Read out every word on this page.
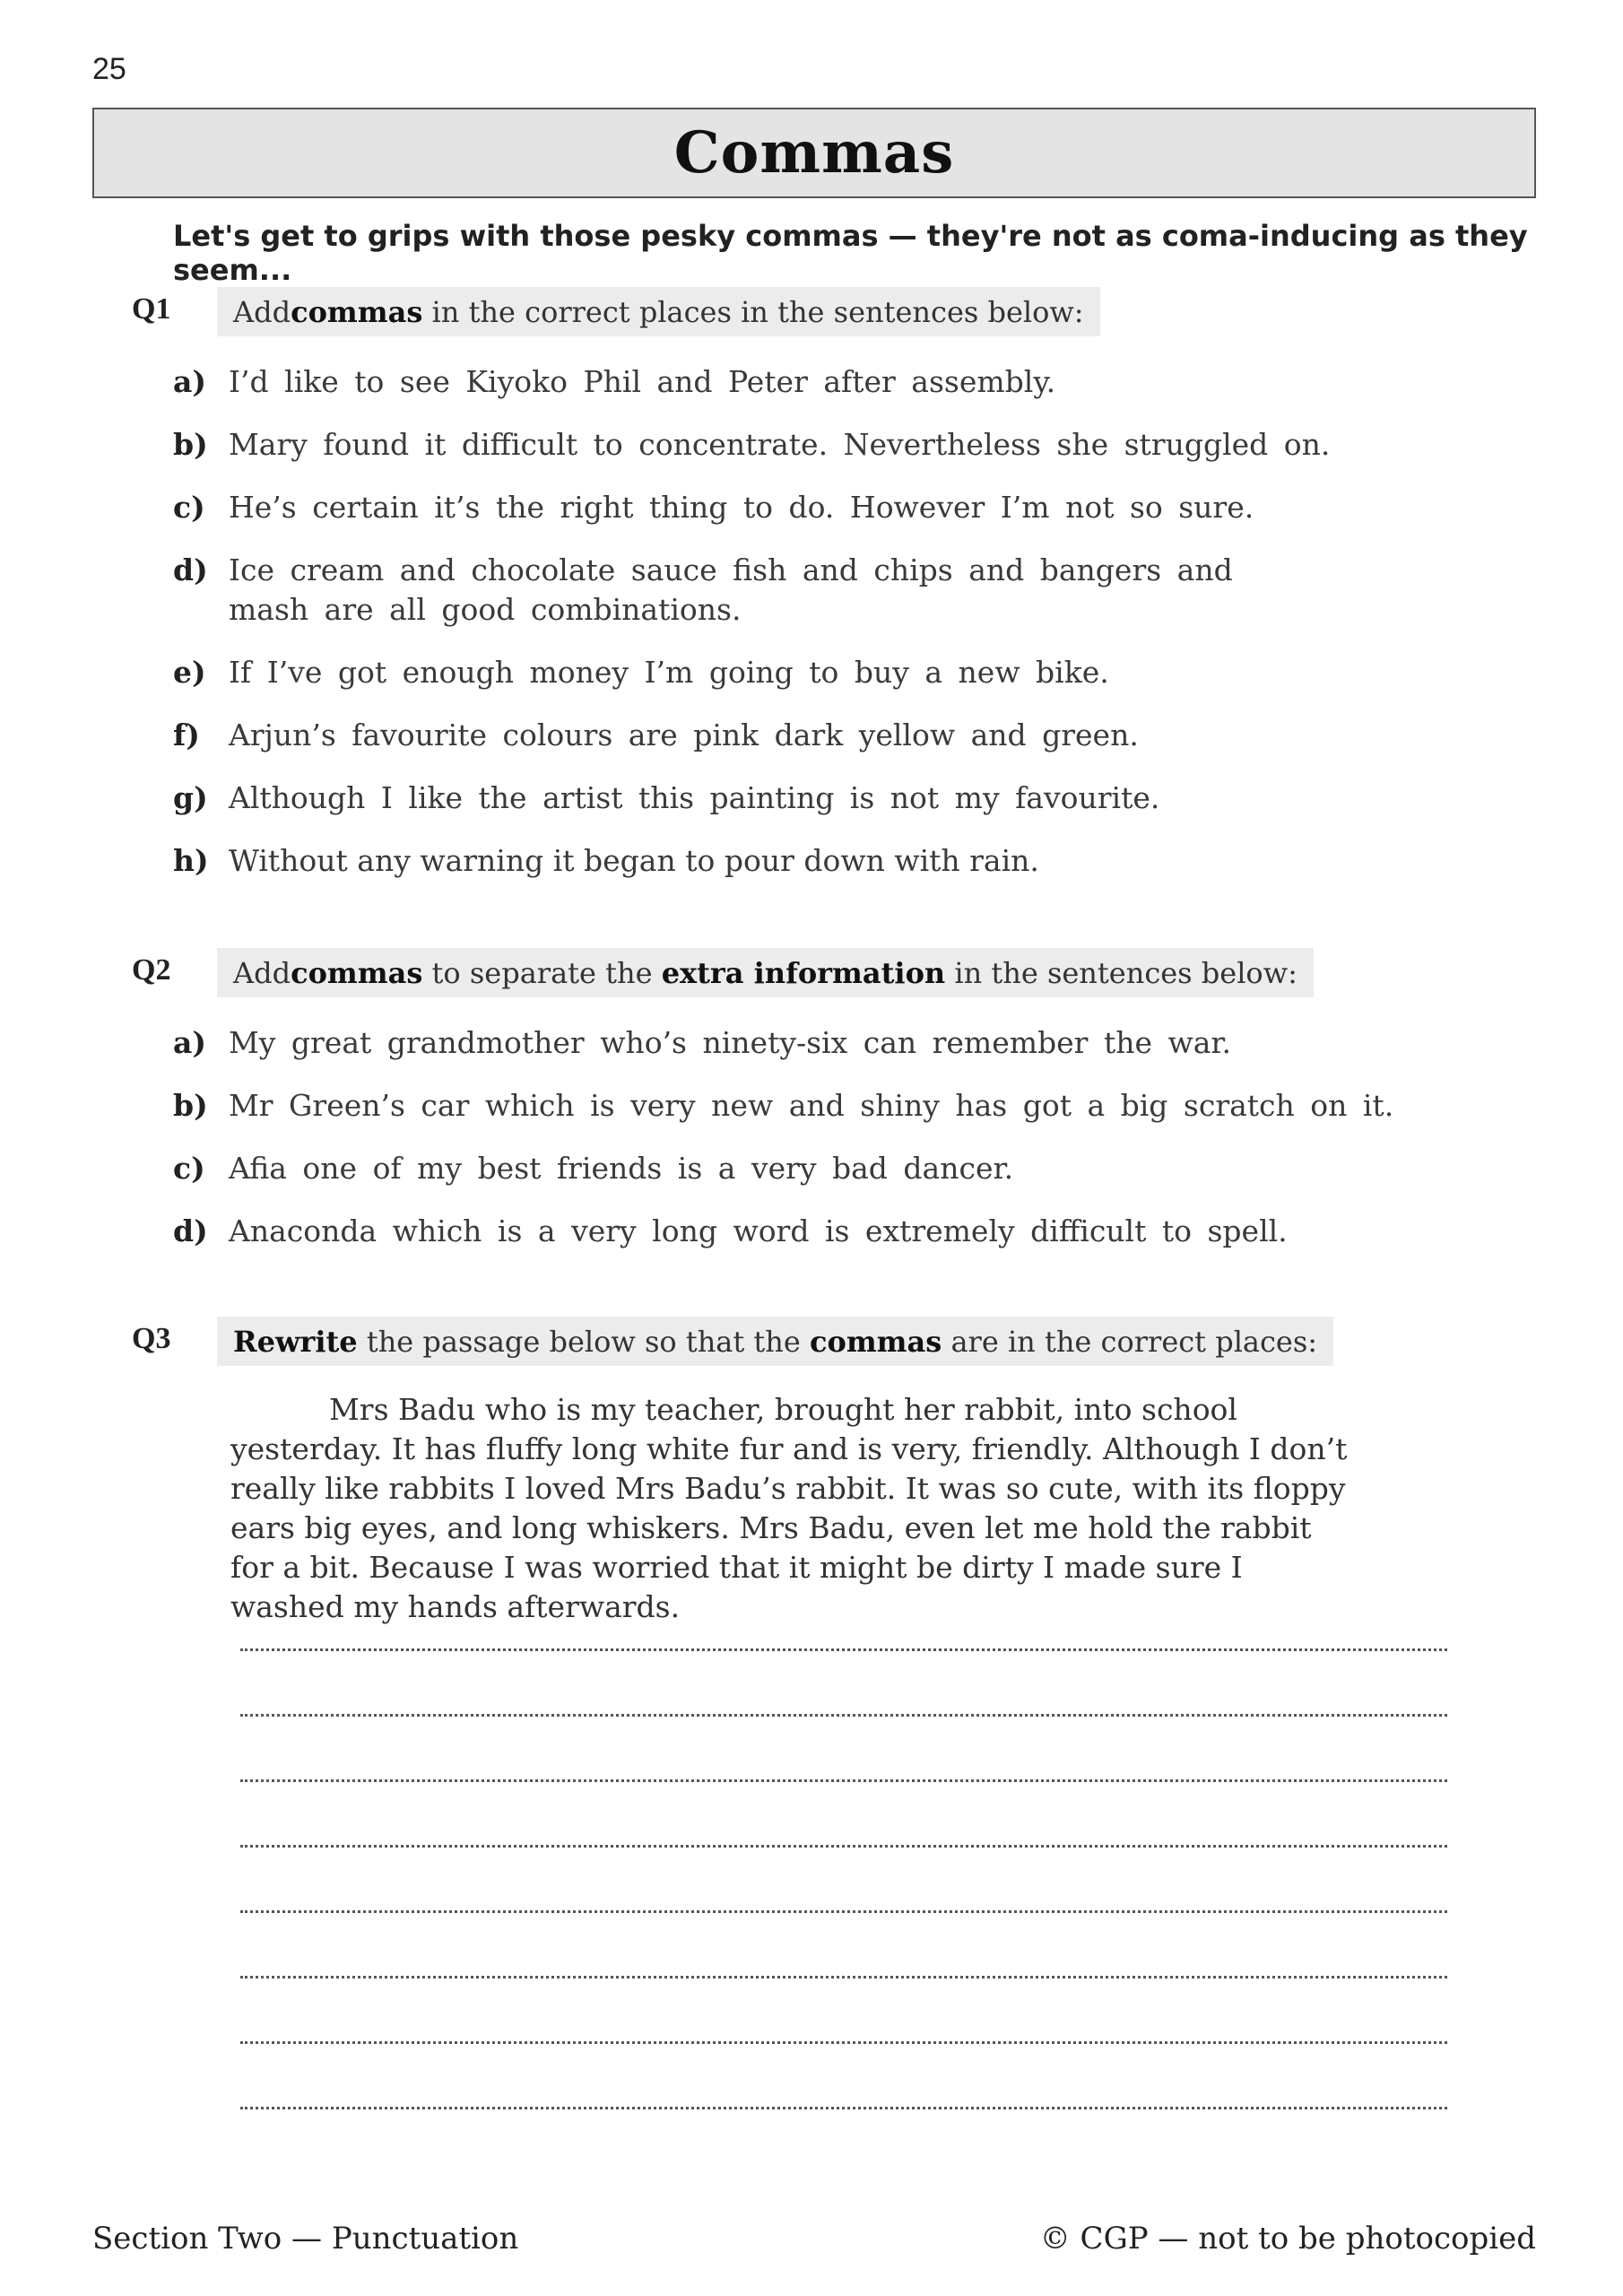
25
Commas
Let's get to grips with those pesky commas — they're not as coma-inducing as they seem...
Q1 Add commas in the correct places in the sentences below:
a) I’d like to see Kiyoko Phil and Peter after assembly.
b) Mary found it difficult to concentrate. Nevertheless she struggled on.
c) He’s certain it’s the right thing to do. However I’m not so sure.
d) Ice cream and chocolate sauce fish and chips and bangers and mash are all good combinations.
e) If I’ve got enough money I’m going to buy a new bike.
f) Arjun’s favourite colours are pink dark yellow and green.
g) Although I like the artist this painting is not my favourite.
h) Without any warning it began to pour down with rain.
Q2 Add commas to separate the extra information in the sentences below:
a) My great grandmother who’s ninety-six can remember the war.
b) Mr Green’s car which is very new and shiny has got a big scratch on it.
c) Afia one of my best friends is a very bad dancer.
d) Anaconda which is a very long word is extremely difficult to spell.
Q3 Rewrite the passage below so that the commas are in the correct places:

Mrs Badu who is my teacher, brought her rabbit, into school yesterday. It has fluffy long white fur and is very, friendly. Although I don’t really like rabbits I loved Mrs Badu’s rabbit. It was so cute, with its floppy ears big eyes, and long whiskers. Mrs Badu, even let me hold the rabbit for a bit. Because I was worried that it might be dirty I made sure I washed my hands afterwards.

Section Two — Punctuation	© CGP — not to be photocopied
